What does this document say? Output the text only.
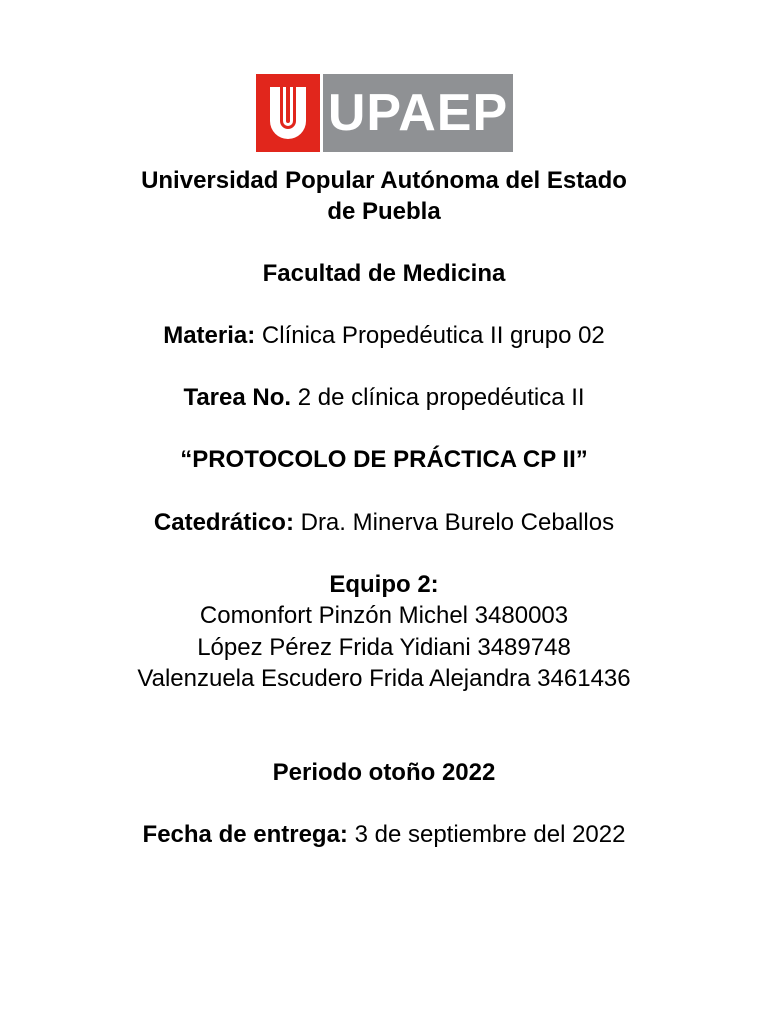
UPAEP
Universidad Popular Autónoma del Estado
de Puebla
Facultad de Medicina
Materia: Clínica Propedéutica II grupo 02
Tarea No. 2 de clínica propedéutica II
“PROTOCOLO DE PRÁCTICA CP II”
Catedrático: Dra. Minerva Burelo Ceballos
Equipo 2:
Comonfort Pinzón Michel 3480003
López Pérez Frida Yidiani 3489748
Valenzuela Escudero Frida Alejandra 3461436
Periodo otoño 2022
Fecha de entrega: 3 de septiembre del 2022
